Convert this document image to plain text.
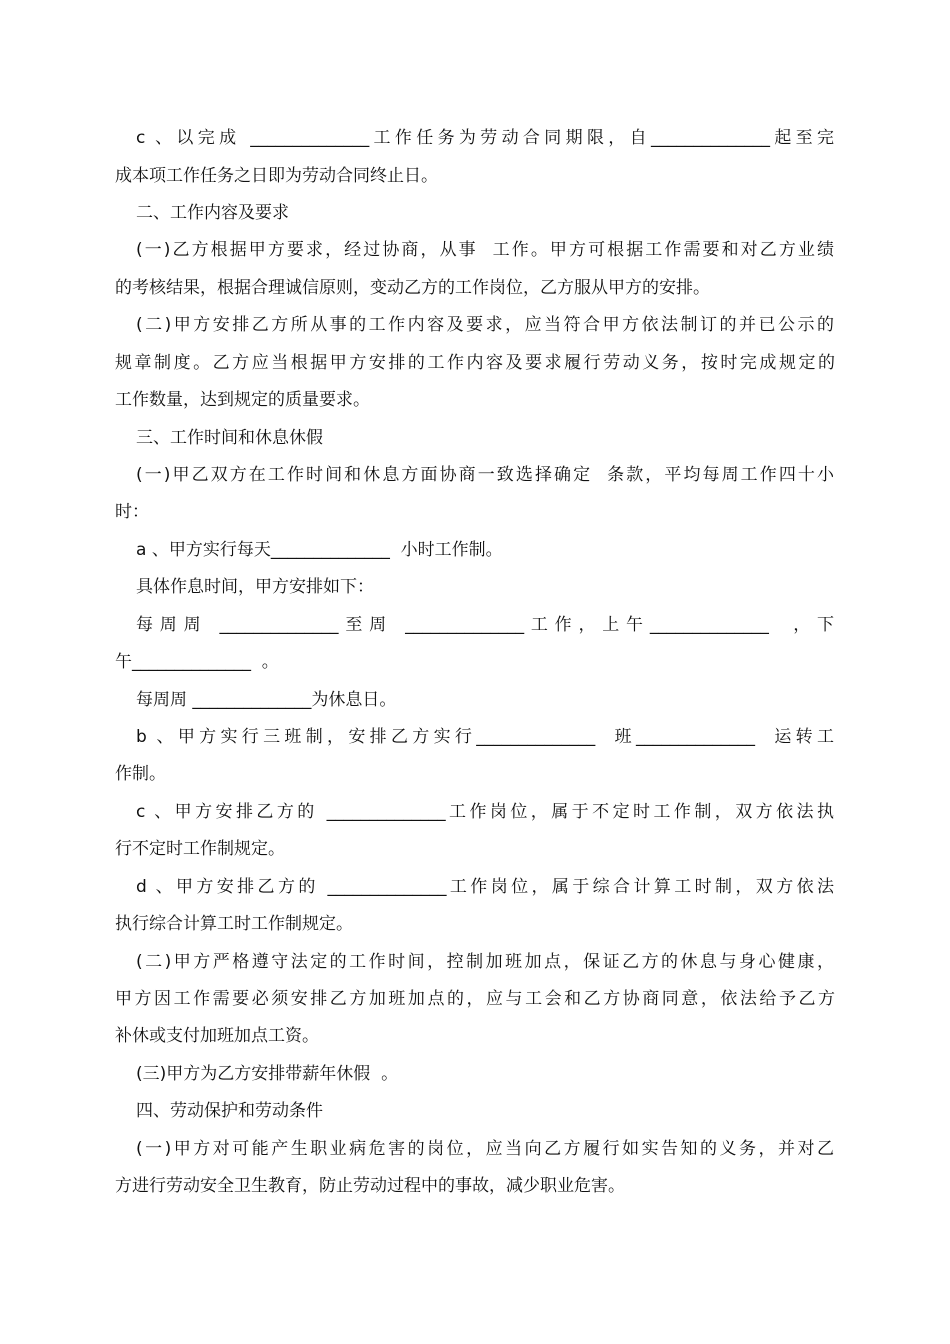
c 、以完成 ______________工作任务为劳动合同期限，自______________起至完
成本项工作任务之日即为劳动合同终止日。
二、工作内容及要求
(一)乙方根据甲方要求，经过协商，从事  工作。甲方可根据工作需要和对乙方业绩
的考核结果，根据合理诚信原则，变动乙方的工作岗位，乙方服从甲方的安排。
(二)甲方安排乙方所从事的工作内容及要求，应当符合甲方依法制订的并已公示的
规章制度。乙方应当根据甲方安排的工作内容及要求履行劳动义务，按时完成规定的
工作数量，达到规定的质量要求。
三、工作时间和休息休假
(一)甲乙双方在工作时间和休息方面协商一致选择确定  条款，平均每周工作四十小
时：
a 、甲方实行每天______________  小时工作制。
具体作息时间，甲方安排如下：
每周周 ______________至周 ______________工作，上午______________  ，下
午______________  。
每周周 ______________为休息日。
b 、甲方实行三班制，安排乙方实行______________  班______________  运转工
作制。
c 、甲方安排乙方的 ______________工作岗位，属于不定时工作制，双方依法执
行不定时工作制规定。
d 、甲方安排乙方的 ______________工作岗位，属于综合计算工时制，双方依法
执行综合计算工时工作制规定。
(二)甲方严格遵守法定的工作时间，控制加班加点，保证乙方的休息与身心健康，
甲方因工作需要必须安排乙方加班加点的，应与工会和乙方协商同意，依法给予乙方
补休或支付加班加点工资。
(三)甲方为乙方安排带薪年休假  。
四、劳动保护和劳动条件
(一)甲方对可能产生职业病危害的岗位，应当向乙方履行如实告知的义务，并对乙
方进行劳动安全卫生教育，防止劳动过程中的事故，减少职业危害。
